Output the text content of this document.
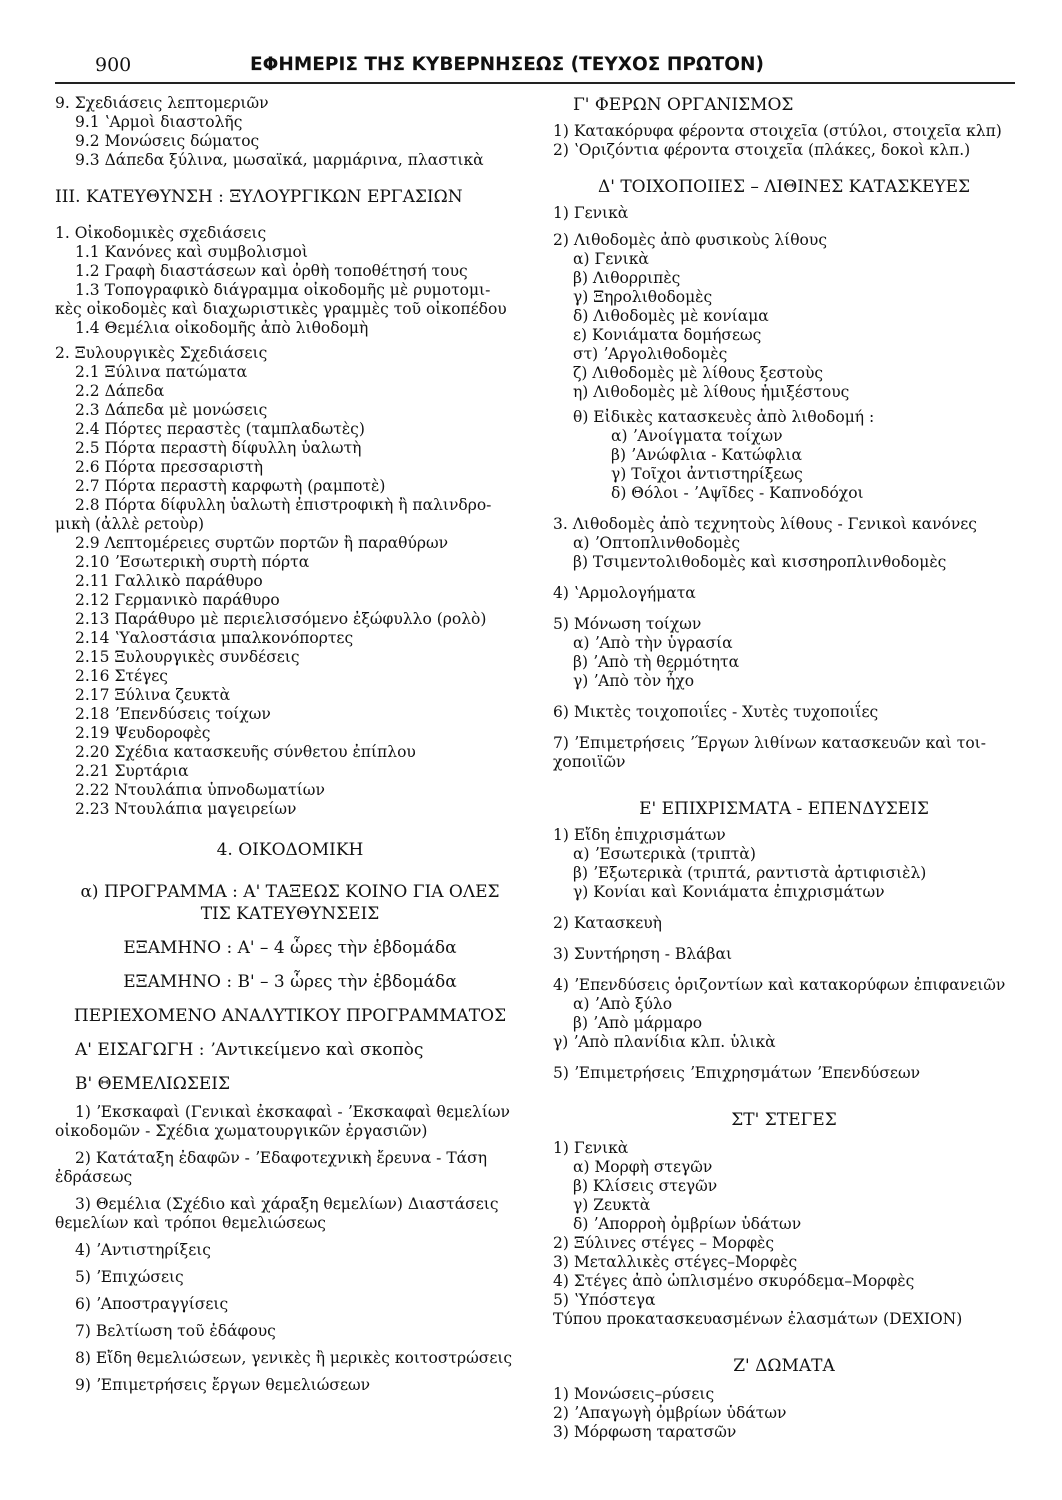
900	ΕΦΗΜΕΡΙΣ ΤΗΣ ΚΥΒΕΡΝΗΣΕΩΣ (ΤΕΥΧΟΣ ΠΡΩΤΟΝ)
9. Σχεδιάσεις λεπτομεριῶν
9.1 ʽΑρμοὶ διαστολῆς
9.2 Μονώσεις δώματος
9.3 Δάπεδα ξύλινα, μωσαϊκά, μαρμάρινα, πλαστικὰ
ΙΙΙ. ΚΑΤΕΥΘΥΝΣΗ : ΞΥΛΟΥΡΓΙΚΩΝ ΕΡΓΑΣΙΩΝ
1. Οἰκοδομικὲς σχεδιάσεις
1.1 Κανόνες καὶ συμβολισμοὶ
1.2 Γραφὴ διαστάσεων καὶ ὀρθὴ τοποθέτησή τους
1.3 Τοπογραφικὸ διάγραμμα οἰκοδομῆς μὲ ρυμοτομι-
κὲς οἰκοδομὲς καὶ διαχωριστικὲς γραμμὲς τοῦ οἰκοπέδου
1.4 Θεμέλια οἰκοδομῆς ἀπὸ λιθοδομὴ
2. Ξυλουργικὲς Σχεδιάσεις
2.1 Ξύλινα πατώματα
2.2 Δάπεδα
2.3 Δάπεδα μὲ μονώσεις
2.4 Πόρτες περαστὲς (ταμπλαδωτὲς)
2.5 Πόρτα περαστὴ δίφυλλη ὑαλωτὴ
2.6 Πόρτα πρεσσαριστὴ
2.7 Πόρτα περαστὴ καρφωτὴ (ραμποτὲ)
2.8 Πόρτα δίφυλλη ὑαλωτὴ ἐπιστροφικὴ ἢ παλινδρο-
μικὴ (ἀλλὲ ρετοὺρ)
2.9 Λεπτομέρειες συρτῶν πορτῶν ἢ παραθύρων
2.10 ʼΕσωτερικὴ συρτὴ πόρτα
2.11 Γαλλικὸ παράθυρο
2.12 Γερμανικὸ παράθυρο
2.13 Παράθυρο μὲ περιελισσόμενο ἐξώφυλλο (ρολὸ)
2.14 ʽΥαλοστάσια μπαλκονόπορτες
2.15 Ξυλουργικὲς συνδέσεις
2.16 Στέγες
2.17 Ξύλινα ζευκτὰ
2.18 ʼΕπενδύσεις τοίχων
2.19 Ψευδοροφὲς
2.20 Σχέδια κατασκευῆς σύνθετου ἐπίπλου
2.21 Συρτάρια
2.22 Ντουλάπια ὑπνοδωματίων
2.23 Ντουλάπια μαγειρείων
4. ΟΙΚΟΔΟΜΙΚΗ
α) ΠΡΟΓΡΑΜΜΑ : Α' ΤΑΞΕΩΣ ΚΟΙΝΟ ΓΙΑ ΟΛΕΣ
ΤΙΣ ΚΑΤΕΥΘΥΝΣΕΙΣ
ΕΞΑΜΗΝΟ : Α' – 4 ὧρες τὴν ἑβδομάδα
ΕΞΑΜΗΝΟ : Β' – 3 ὧρες τὴν ἑβδομάδα
ΠΕΡΙΕΧΟΜΕΝΟ ΑΝΑΛΥΤΙΚΟΥ ΠΡΟΓΡΑΜΜΑΤΟΣ
Α' ΕΙΣΑΓΩΓΗ : ʼΑντικείμενο καὶ σκοπὸς
Β' ΘΕΜΕΛΙΩΣΕΙΣ
1) ʼΕκσκαφαὶ (Γενικαὶ ἐκσκαφαὶ - ʼΕκσκαφαὶ θεμελίων
οἰκοδομῶν - Σχέδια χωματουργικῶν ἐργασιῶν)
2) Κατάταξη ἐδαφῶν - ʼΕδαφοτεχνικὴ ἔρευνα - Τάση
ἐδράσεως
3) Θεμέλια (Σχέδιο καὶ χάραξη θεμελίων) Διαστάσεις
θεμελίων καὶ τρόποι θεμελιώσεως
4) ʼΑντιστηρίξεις
5) ʼΕπιχώσεις
6) ʼΑποστραγγίσεις
7) Βελτίωση τοῦ ἐδάφους
8) Εἴδη θεμελιώσεων, γενικὲς ἢ μερικὲς κοιτοστρώσεις
9) ʼΕπιμετρήσεις ἔργων θεμελιώσεων
Γ' ΦΕΡΩΝ ΟΡΓΑΝΙΣΜΟΣ
1) Κατακόρυφα φέροντα στοιχεῖα (στύλοι, στοιχεῖα κλπ)
2) ʽΟριζόντια φέροντα στοιχεῖα (πλάκες, δοκοὶ κλπ.)
Δ' ΤΟΙΧΟΠΟΙΙΕΣ – ΛΙΘΙΝΕΣ ΚΑΤΑΣΚΕΥΕΣ
1) Γενικὰ
2) Λιθοδομὲς ἀπὸ φυσικοὺς λίθους
α) Γενικὰ
β) Λιθορριπὲς
γ) Ξηρολιθοδομὲς
δ) Λιθοδομὲς μὲ κονίαμα
ε) Κονιάματα δομήσεως
στ) ʼΑργολιθοδομὲς
ζ) Λιθοδομὲς μὲ λίθους ξεστοὺς
η) Λιθοδομὲς μὲ λίθους ἡμιξέστους
θ) Εἰδικὲς κατασκευὲς ἀπὸ λιθοδομή :
α) ʼΑνοίγματα τοίχων
β) ʼΑνώφλια - Κατώφλια
γ) Τοῖχοι ἀντιστηρίξεως
δ) Θόλοι - ʼΑψῖδες - Καπνοδόχοι
3. Λιθοδομὲς ἀπὸ τεχνητοὺς λίθους - Γενικοὶ κανόνες
α) ʼΟπτοπλινθοδομὲς
β) Τσιμεντολιθοδομὲς καὶ κισσηροπλινθοδομὲς
4) ʽΑρμολογήματα
5) Μόνωση τοίχων
α) ʼΑπὸ τὴν ὑγρασία
β) ʼΑπὸ τὴ θερμότητα
γ) ʼΑπὸ τὸν ἦχο
6) Μικτὲς τοιχοποιΐες - Χυτὲς τυχοποιΐες
7) ʼΕπιμετρήσεις ʼΈργων λιθίνων κατασκευῶν καὶ τοι-
χοποιϊῶν
Ε' ΕΠΙΧΡΙΣΜΑΤΑ - ΕΠΕΝΔΥΣΕΙΣ
1) Εἴδη ἐπιχρισμάτων
α) ʼΕσωτερικὰ (τριπτὰ)
β) ʼΕξωτερικὰ (τριπτά, ραντιστὰ ἀρτιφισιὲλ)
γ) Κονίαι καὶ Κονιάματα ἐπιχρισμάτων
2) Κατασκευὴ
3) Συντήρηση - Βλάβαι
4) ʼΕπενδύσεις ὁριζοντίων καὶ κατακορύφων ἐπιφανειῶν
α) ʼΑπὸ ξύλο
β) ʼΑπὸ μάρμαρο
γ) ʼΑπὸ πλανίδια κλπ. ὑλικὰ
5) ʼΕπιμετρήσεις ʼΕπιχρησμάτων ʼΕπενδύσεων
ΣΤ' ΣΤΕΓΕΣ
1) Γενικὰ
α) Μορφὴ στεγῶν
β) Κλίσεις στεγῶν
γ) Ζευκτὰ
δ) ʼΑπορροὴ ὀμβρίων ὑδάτων
2) Ξύλινες στέγες – Μορφὲς
3) Μεταλλικὲς στέγες–Μορφὲς
4) Στέγες ἀπὸ ὡπλισμένο σκυρόδεμα–Μορφὲς
5) ʽΥπόστεγα
Τύπου προκατασκευασμένων ἐλασμάτων (DEXION)
Ζ' ΔΩΜΑΤΑ
1) Μονώσεις–ρύσεις
2) ʼΑπαγωγὴ ὀμβρίων ὑδάτων
3) Μόρφωση ταρατσῶν
